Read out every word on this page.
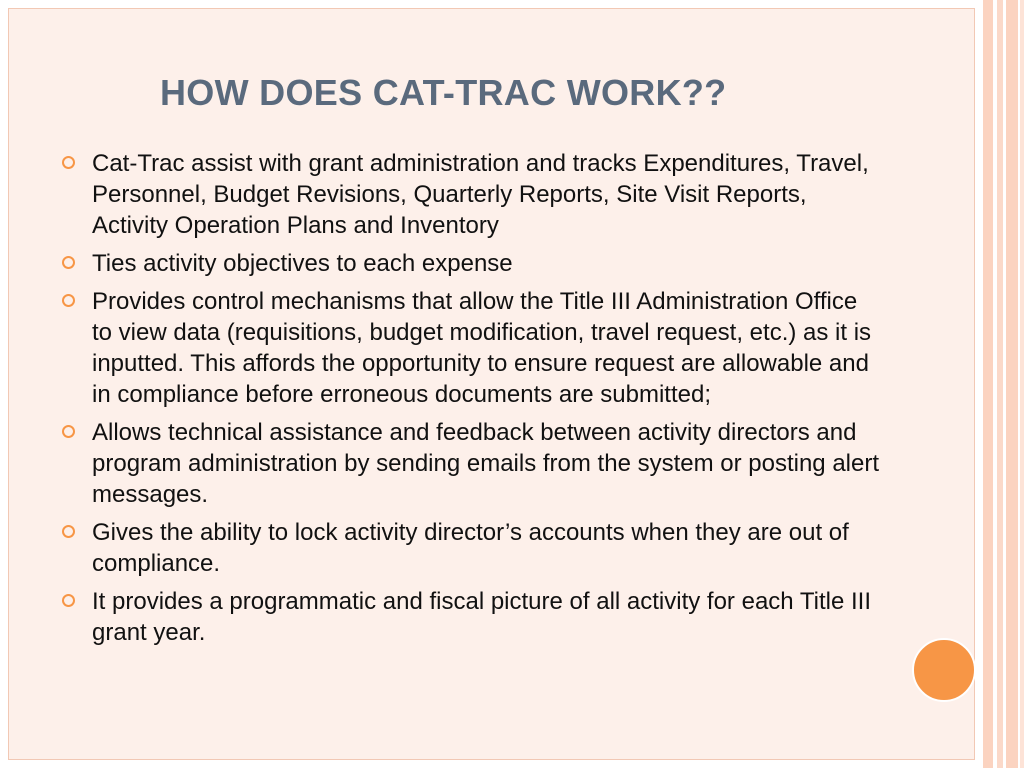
HOW DOES CAT-TRAC WORK??
Cat-Trac assist with grant administration and tracks Expenditures, Travel, Personnel, Budget Revisions, Quarterly Reports, Site Visit Reports, Activity Operation Plans and Inventory
Ties activity objectives to each expense
Provides control mechanisms that allow the Title III Administration Office to view data (requisitions, budget modification, travel request, etc.) as it is inputted. This affords the opportunity to ensure request are allowable and in compliance before erroneous documents are submitted;
Allows technical assistance and feedback between activity directors and program administration by sending emails from the system or posting alert messages.
Gives the ability to lock activity director’s accounts when they are out of compliance.
It provides a programmatic and fiscal picture of all activity for each Title III grant year.
